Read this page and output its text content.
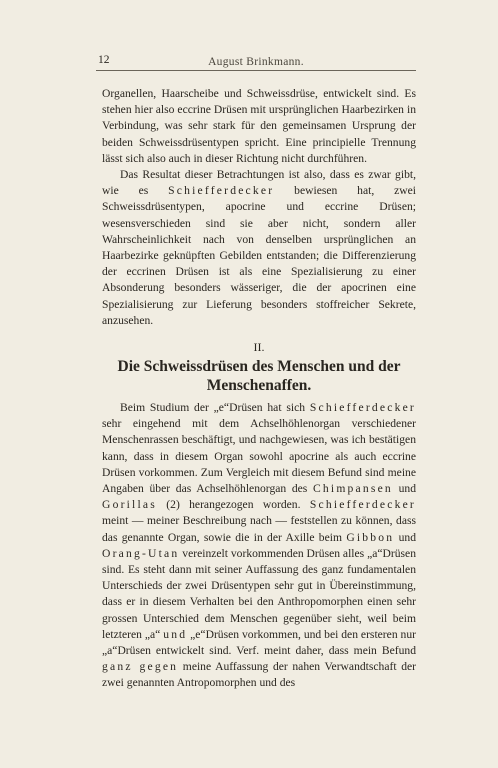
12	August Brinkmann.

Organellen, Haarscheibe und Schweissdrüse, entwickelt sind. Es stehen hier also eccrine Drüsen mit ursprünglichen Haarbezirken in Verbindung, was sehr stark für den gemeinsamen Ursprung der beiden Schweissdrüsentypen spricht. Eine principielle Trennung lässt sich also auch in dieser Richtung nicht durchführen.

Das Resultat dieser Betrachtungen ist also, dass es zwar gibt, wie es Schiefferdecker bewiesen hat, zwei Schweissdrüsentypen, apocrine und eccrine Drüsen; wesensverschieden sind sie aber nicht, sondern aller Wahrscheinlichkeit nach von denselben ursprünglichen an Haarbezirke geknüpften Gebilden entstanden; die Differenzierung der eccrinen Drüsen ist als eine Spezialisierung zu einer Absonderung besonders wässeriger, die der apocrinen eine Spezialisierung zur Lieferung besonders stoffreicher Sekrete, anzusehen.

II.
Die Schweissdrüsen des Menschen und der Menschenaffen.

Beim Studium der „e“Drüsen hat sich Schiefferdecker sehr eingehend mit dem Achselhöhlenorgan verschiedener Menschenrassen beschäftigt, und nachgewiesen, was ich bestätigen kann, dass in diesem Organ sowohl apocrine als auch eccrine Drüsen vorkommen. Zum Vergleich mit diesem Befund sind meine Angaben über das Achselhöhlenorgan des Chimpansen und Gorillas (2) herangezogen worden. Schiefferdecker meint — meiner Beschreibung nach — feststellen zu können, dass das genannte Organ, sowie die in der Axille beim Gibbon und Orang-Utan vereinzelt vorkommenden Drüsen alles „a“Drüsen sind. Es steht dann mit seiner Auffassung des ganz fundamentalen Unterschieds der zwei Drüsentypen sehr gut in Übereinstimmung, dass er in diesem Verhalten bei den Anthropomorphen einen sehr grossen Unterschied dem Menschen gegenüber sieht, weil beim letzteren „a“ und „e“Drüsen vorkommen, und bei den ersteren nur „a“Drüsen entwickelt sind. Verf. meint daher, dass mein Befund ganz gegen meine Auffassung der nahen Verwandtschaft der zwei genannten Antropomorphen und des
